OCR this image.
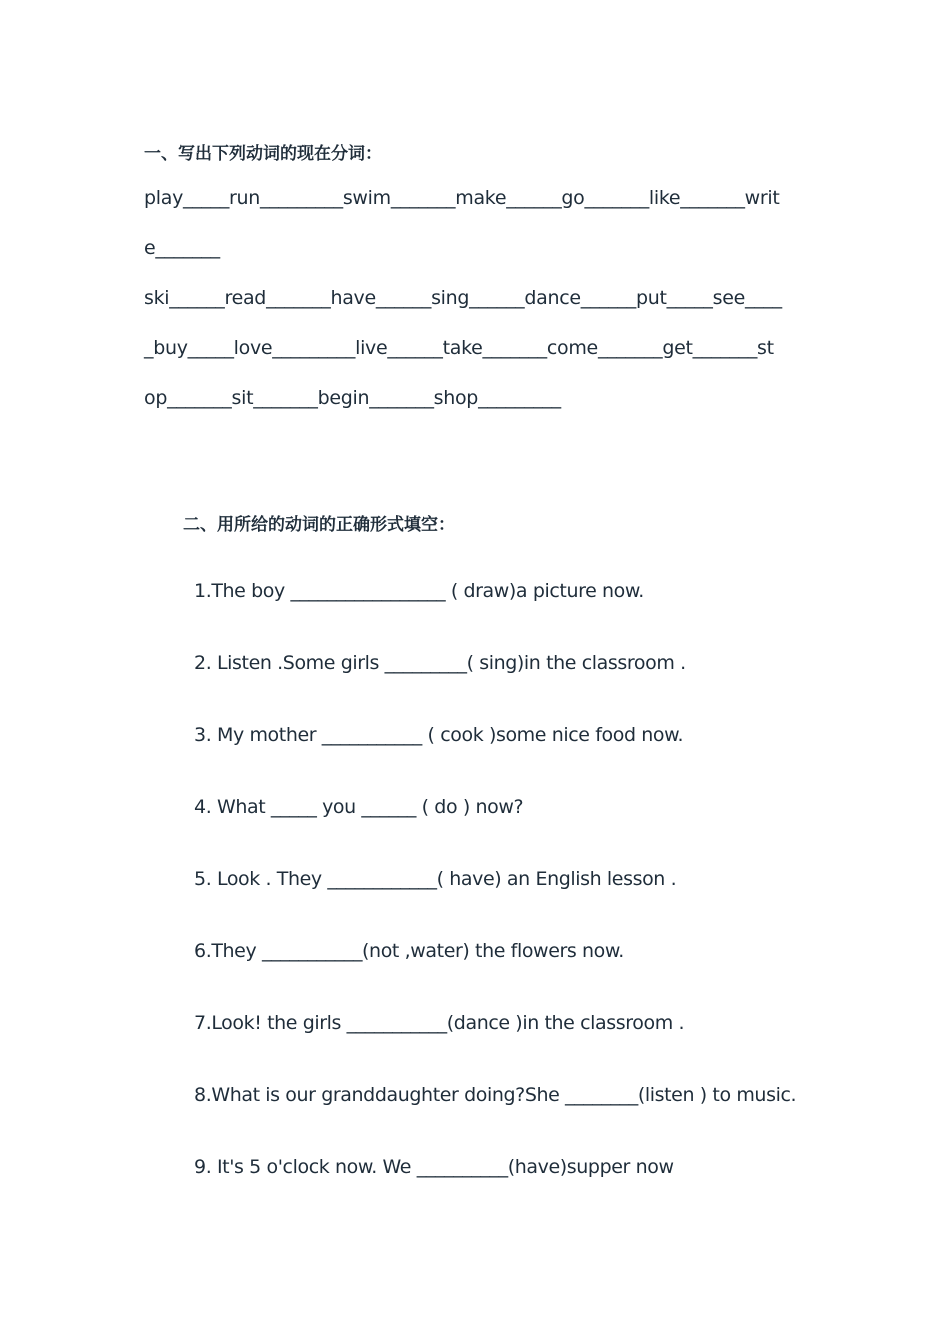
一、写出下列动词的现在分词：
play_____run_________swim_______make______go_______like_______writ
e_______
ski______read_______have______sing______dance______put_____see____
_buy_____love_________live______take_______come_______get_______st
op_______sit_______begin_______shop_________
二、用所给的动词的正确形式填空：
1.The boy _________________ ( draw)a picture now.
2. Listen .Some girls _________( sing)in the classroom .
3. My mother ___________ ( cook )some nice food now.
4. What _____ you ______ ( do ) now?
5. Look . They ____________( have) an English lesson .
6.They ___________(not ,water) the flowers now.
7.Look! the girls ___________(dance )in the classroom .
8.What is our granddaughter doing?She ________(listen ) to music.
9. It's 5 o'clock now. We __________(have)supper now
